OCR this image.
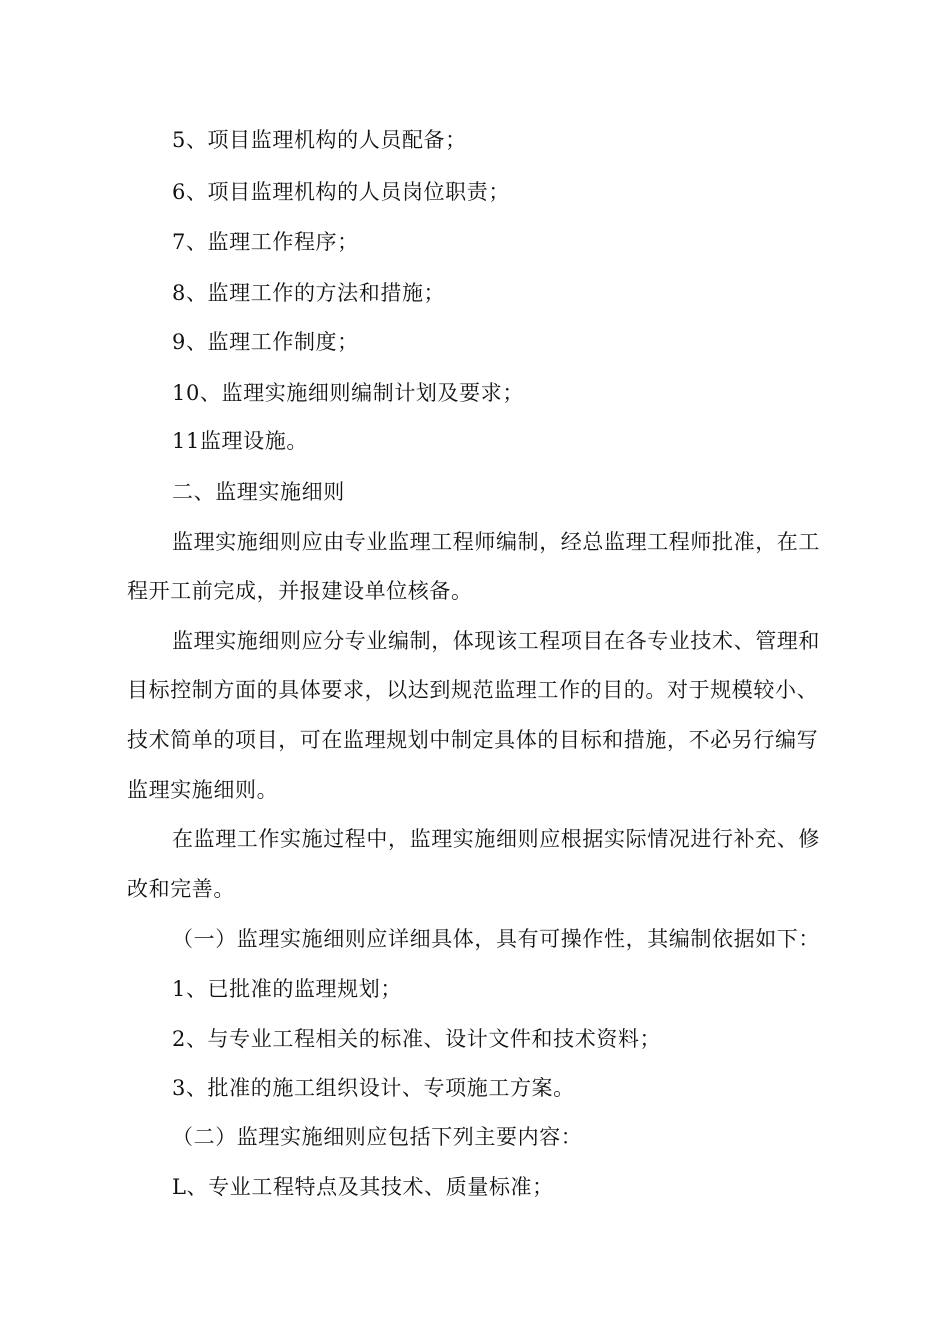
5、项目监理机构的人员配备；
6、项目监理机构的人员岗位职责；
7、监理工作程序；
8、监理工作的方法和措施；
9、监理工作制度；
10、监理实施细则编制计划及要求；
11监理设施。
二、监理实施细则
监理实施细则应由专业监理工程师编制，经总监理工程师批准，在工
程开工前完成，并报建设单位核备。
监理实施细则应分专业编制，体现该工程项目在各专业技术、管理和
目标控制方面的具体要求，以达到规范监理工作的目的。对于规模较小、
技术简单的项目，可在监理规划中制定具体的目标和措施，不必另行编写
监理实施细则。
在监理工作实施过程中，监理实施细则应根据实际情况进行补充、修
改和完善。
（一）监理实施细则应详细具体，具有可操作性，其编制依据如下：
1、已批准的监理规划；
2、与专业工程相关的标准、设计文件和技术资料；
3、批准的施工组织设计、专项施工方案。
（二）监理实施细则应包括下列主要内容：
L、专业工程特点及其技术、质量标准；
